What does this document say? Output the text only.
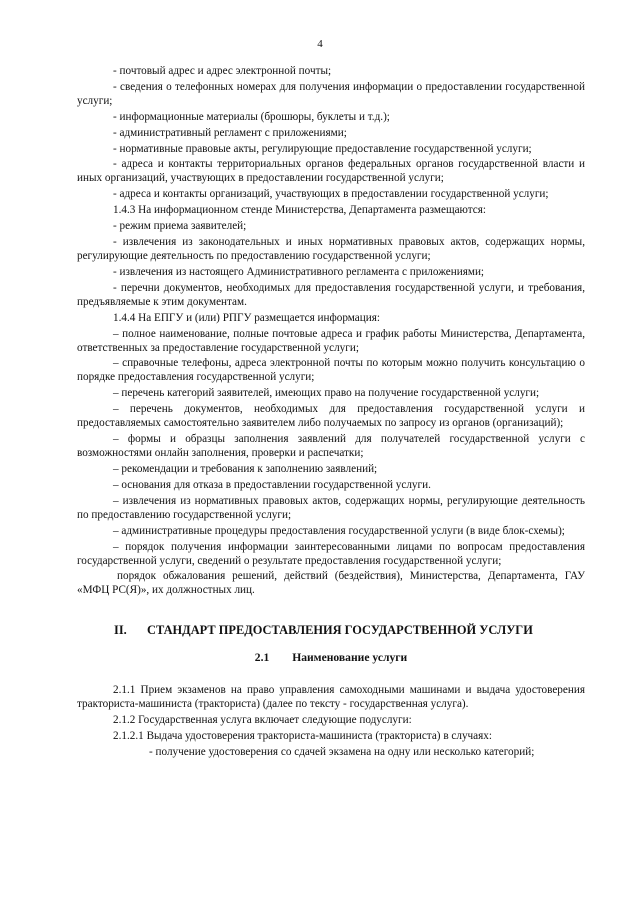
4

- почтовый адрес и адрес электронной почты;

- сведения о телефонных номерах для получения информации о предоставлении государственной услуги;

- информационные материалы (брошюры, буклеты и т.д.);

- административный регламент с приложениями;

- нормативные правовые акты, регулирующие предоставление государственной услуги;

- адреса и контакты территориальных органов федеральных органов государственной власти и иных организаций, участвующих в предоставлении государственной услуги;

- адреса и контакты организаций, участвующих в предоставлении государственной услуги;

1.4.3 На информационном стенде Министерства, Департамента размещаются:

- режим приема заявителей;

- извлечения из законодательных и иных нормативных правовых актов, содержащих нормы, регулирующие деятельность по предоставлению государственной услуги;

- извлечения из настоящего Административного регламента с приложениями;

- перечни документов, необходимых для предоставления государственной услуги, и требования, предъявляемые к этим документам.

1.4.4 На ЕПГУ и (или) РПГУ размещается информация:

– полное наименование, полные почтовые адреса и график работы Министерства, Департамента, ответственных за предоставление государственной услуги;

– справочные телефоны, адреса электронной почты по которым можно получить консультацию о порядке предоставления государственной услуги;

– перечень категорий заявителей, имеющих право на получение государственной услуги;

– перечень документов, необходимых для предоставления государственной услуги и предоставляемых самостоятельно заявителем либо получаемых по запросу из органов (организаций);

– формы и образцы заполнения заявлений для получателей государственной услуги с возможностями онлайн заполнения, проверки и распечатки;

– рекомендации и требования к заполнению заявлений;

– основания для отказа в предоставлении государственной услуги.

– извлечения из нормативных правовых актов, содержащих нормы, регулирующие деятельность по предоставлению государственной услуги;

– административные процедуры предоставления государственной услуги (в виде блок-схемы);

– порядок получения информации заинтересованными лицами по вопросам предоставления государственной услуги, сведений о результате предоставления государственной услуги;

порядок обжалования решений, действий (бездействия), Министерства, Департамента, ГАУ «МФЦ РС(Я)», их должностных лиц.

II.	СТАНДАРТ ПРЕДОСТАВЛЕНИЯ ГОСУДАРСТВЕННОЙ УСЛУГИ
2.1 Наименование услуги

2.1.1 Прием экзаменов на право управления самоходными машинами и выдача удостоверения тракториста-машиниста (тракториста) (далее по тексту - государственная услуга).

2.1.2 Государственная услуга включает следующие подуслуги:

2.1.2.1 Выдача удостоверения тракториста-машиниста (тракториста) в случаях:

- получение удостоверения со сдачей экзамена на одну или несколько категорий;
